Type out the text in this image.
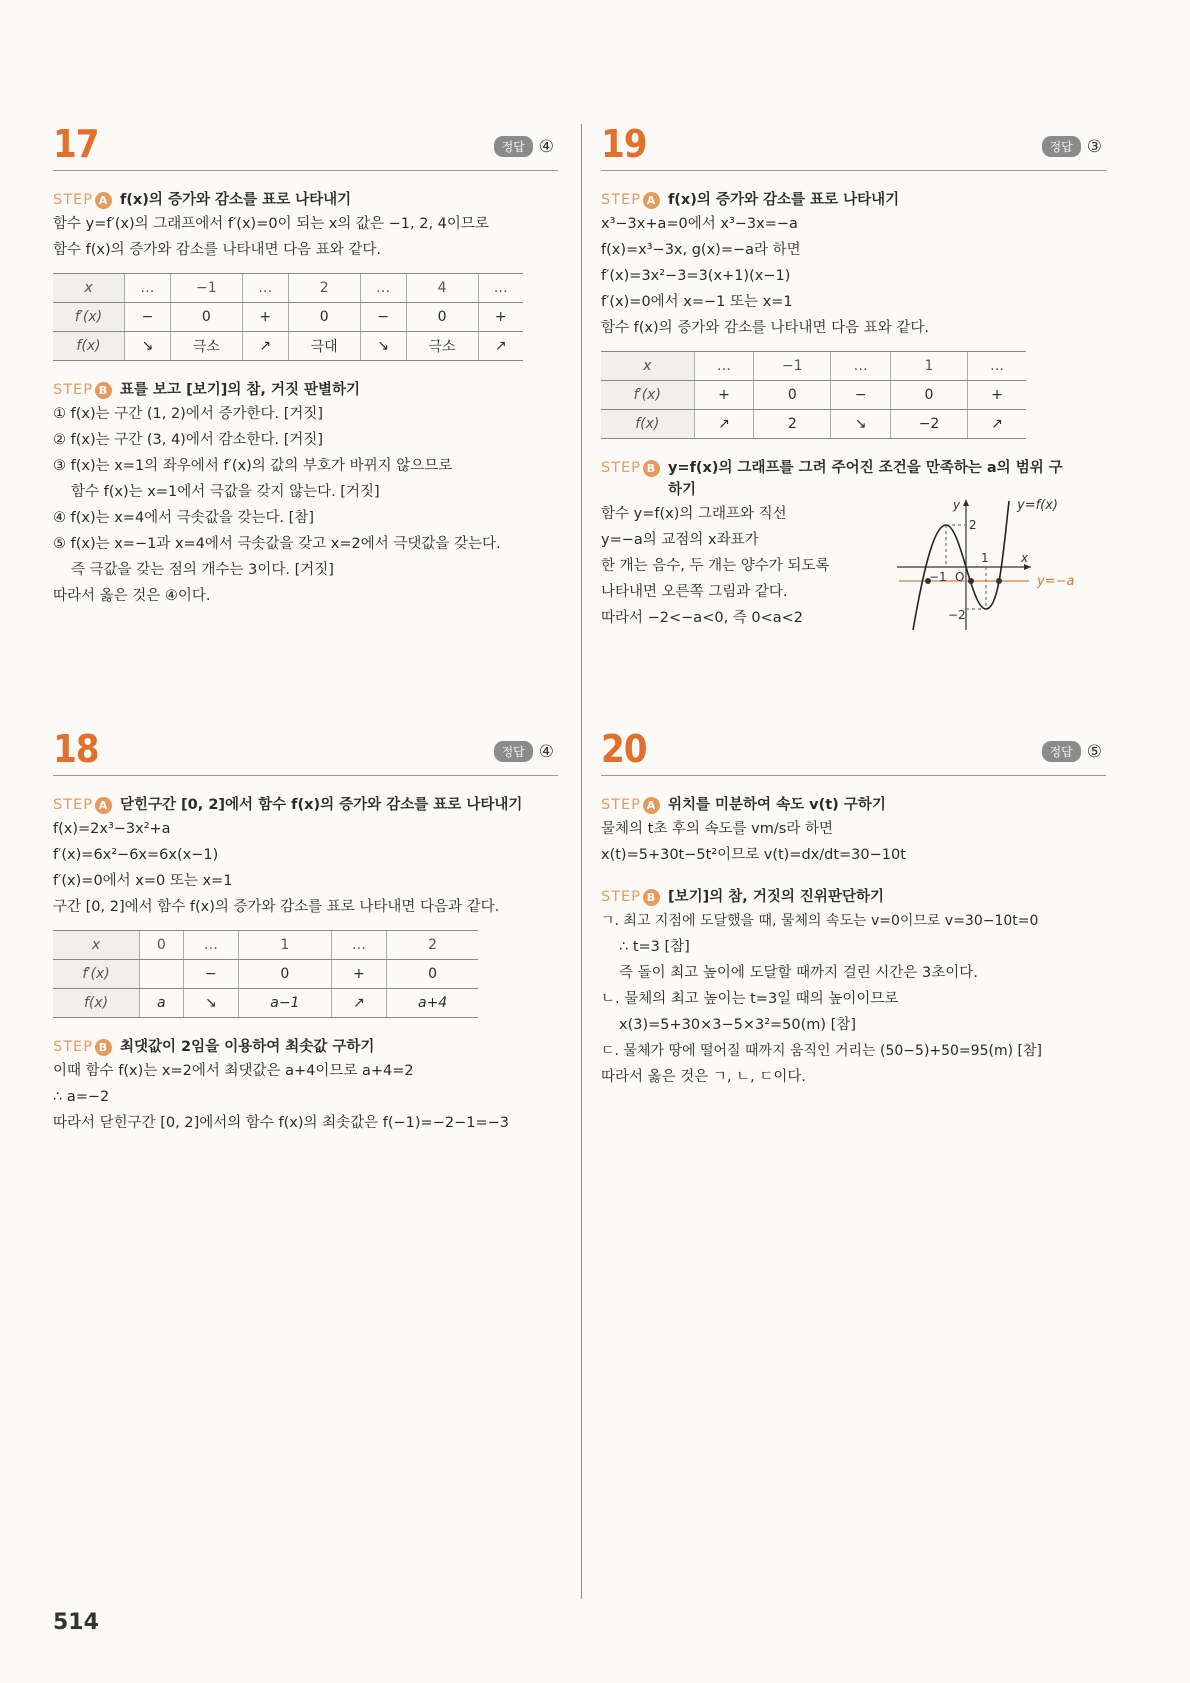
17	정답 ④
STEP A f(x)의 증가와 감소를 표로 나타내기
함수 y=f′(x)의 그래프에서 f′(x)=0이 되는 x의 값은 −1, 2, 4이므로
함수 f(x)의 증가와 감소를 나타내면 다음 표와 같다.
x	…	−1	…	2	…	4	…
f′(x)	−	0	+	0	−	0	+
f(x)	↘	극소	↗	극대	↘	극소	↗
STEP B 표를 보고 [보기]의 참, 거짓 판별하기
① f(x)는 구간 (1, 2)에서 증가한다. [거짓]
② f(x)는 구간 (3, 4)에서 감소한다. [거짓]
③ f(x)는 x=1의 좌우에서 f′(x)의 값의 부호가 바뀌지 않으므로
함수 f(x)는 x=1에서 극값을 갖지 않는다. [거짓]
④ f(x)는 x=4에서 극솟값을 갖는다. [참]
⑤ f(x)는 x=−1과 x=4에서 극솟값을 갖고 x=2에서 극댓값을 갖는다.
즉 극값을 갖는 점의 개수는 3이다. [거짓]
따라서 옳은 것은 ④이다.
18	정답 ④
STEP A 닫힌구간 [0, 2]에서 함수 f(x)의 증가와 감소를 표로 나타내기
f(x)=2x³−3x²+a
f′(x)=6x²−6x=6x(x−1)
f′(x)=0에서 x=0 또는 x=1
구간 [0, 2]에서 함수 f(x)의 증가와 감소를 표로 나타내면 다음과 같다.
x	0	…	1	…	2
f′(x)		−	0	+	0
f(x)	a	↘	a−1	↗	a+4
STEP B 최댓값이 2임을 이용하여 최솟값 구하기
이때 함수 f(x)는 x=2에서 최댓값은 a+4이므로 a+4=2
∴ a=−2
따라서 닫힌구간 [0, 2]에서의 함수 f(x)의 최솟값은 f(−1)=−2−1=−3
19	정답 ③
STEP A f(x)의 증가와 감소를 표로 나타내기
x³−3x+a=0에서 x³−3x=−a
f(x)=x³−3x, g(x)=−a라 하면
f′(x)=3x²−3=3(x+1)(x−1)
f′(x)=0에서 x=−1 또는 x=1
함수 f(x)의 증가와 감소를 나타내면 다음 표와 같다.
x	…	−1	…	1	…
f′(x)	+	0	−	0	+
f(x)	↗	2	↘	−2	↗
STEP B y=f(x)의 그래프를 그려 주어진 조건을 만족하는 a의 범위 구하기
함수 y=f(x)의 그래프와 직선
y=−a의 교점의 x좌표가
한 개는 음수, 두 개는 양수가 되도록
나타내면 오른쪽 그림과 같다.
따라서 −2<−a<0, 즉 0<a<2
y
x
y=f(x)
y=−a
2
−2
−1
1
O
20	정답 ⑤
STEP A 위치를 미분하여 속도 v(t) 구하기
물체의 t초 후의 속도를 vm/s라 하면
x(t)=5+30t−5t²이므로 v(t)=dx/dt=30−10t
STEP B [보기]의 참, 거짓의 진위판단하기
ㄱ. 최고 지점에 도달했을 때, 물체의 속도는 v=0이므로 v=30−10t=0
∴ t=3 [참]
즉 돌이 최고 높이에 도달할 때까지 걸린 시간은 3초이다.
ㄴ. 물체의 최고 높이는 t=3일 때의 높이이므로
x(3)=5+30×3−5×3²=50(m) [참]
ㄷ. 물체가 땅에 떨어질 때까지 움직인 거리는 (50−5)+50=95(m) [참]
따라서 옳은 것은 ㄱ, ㄴ, ㄷ이다.
514
